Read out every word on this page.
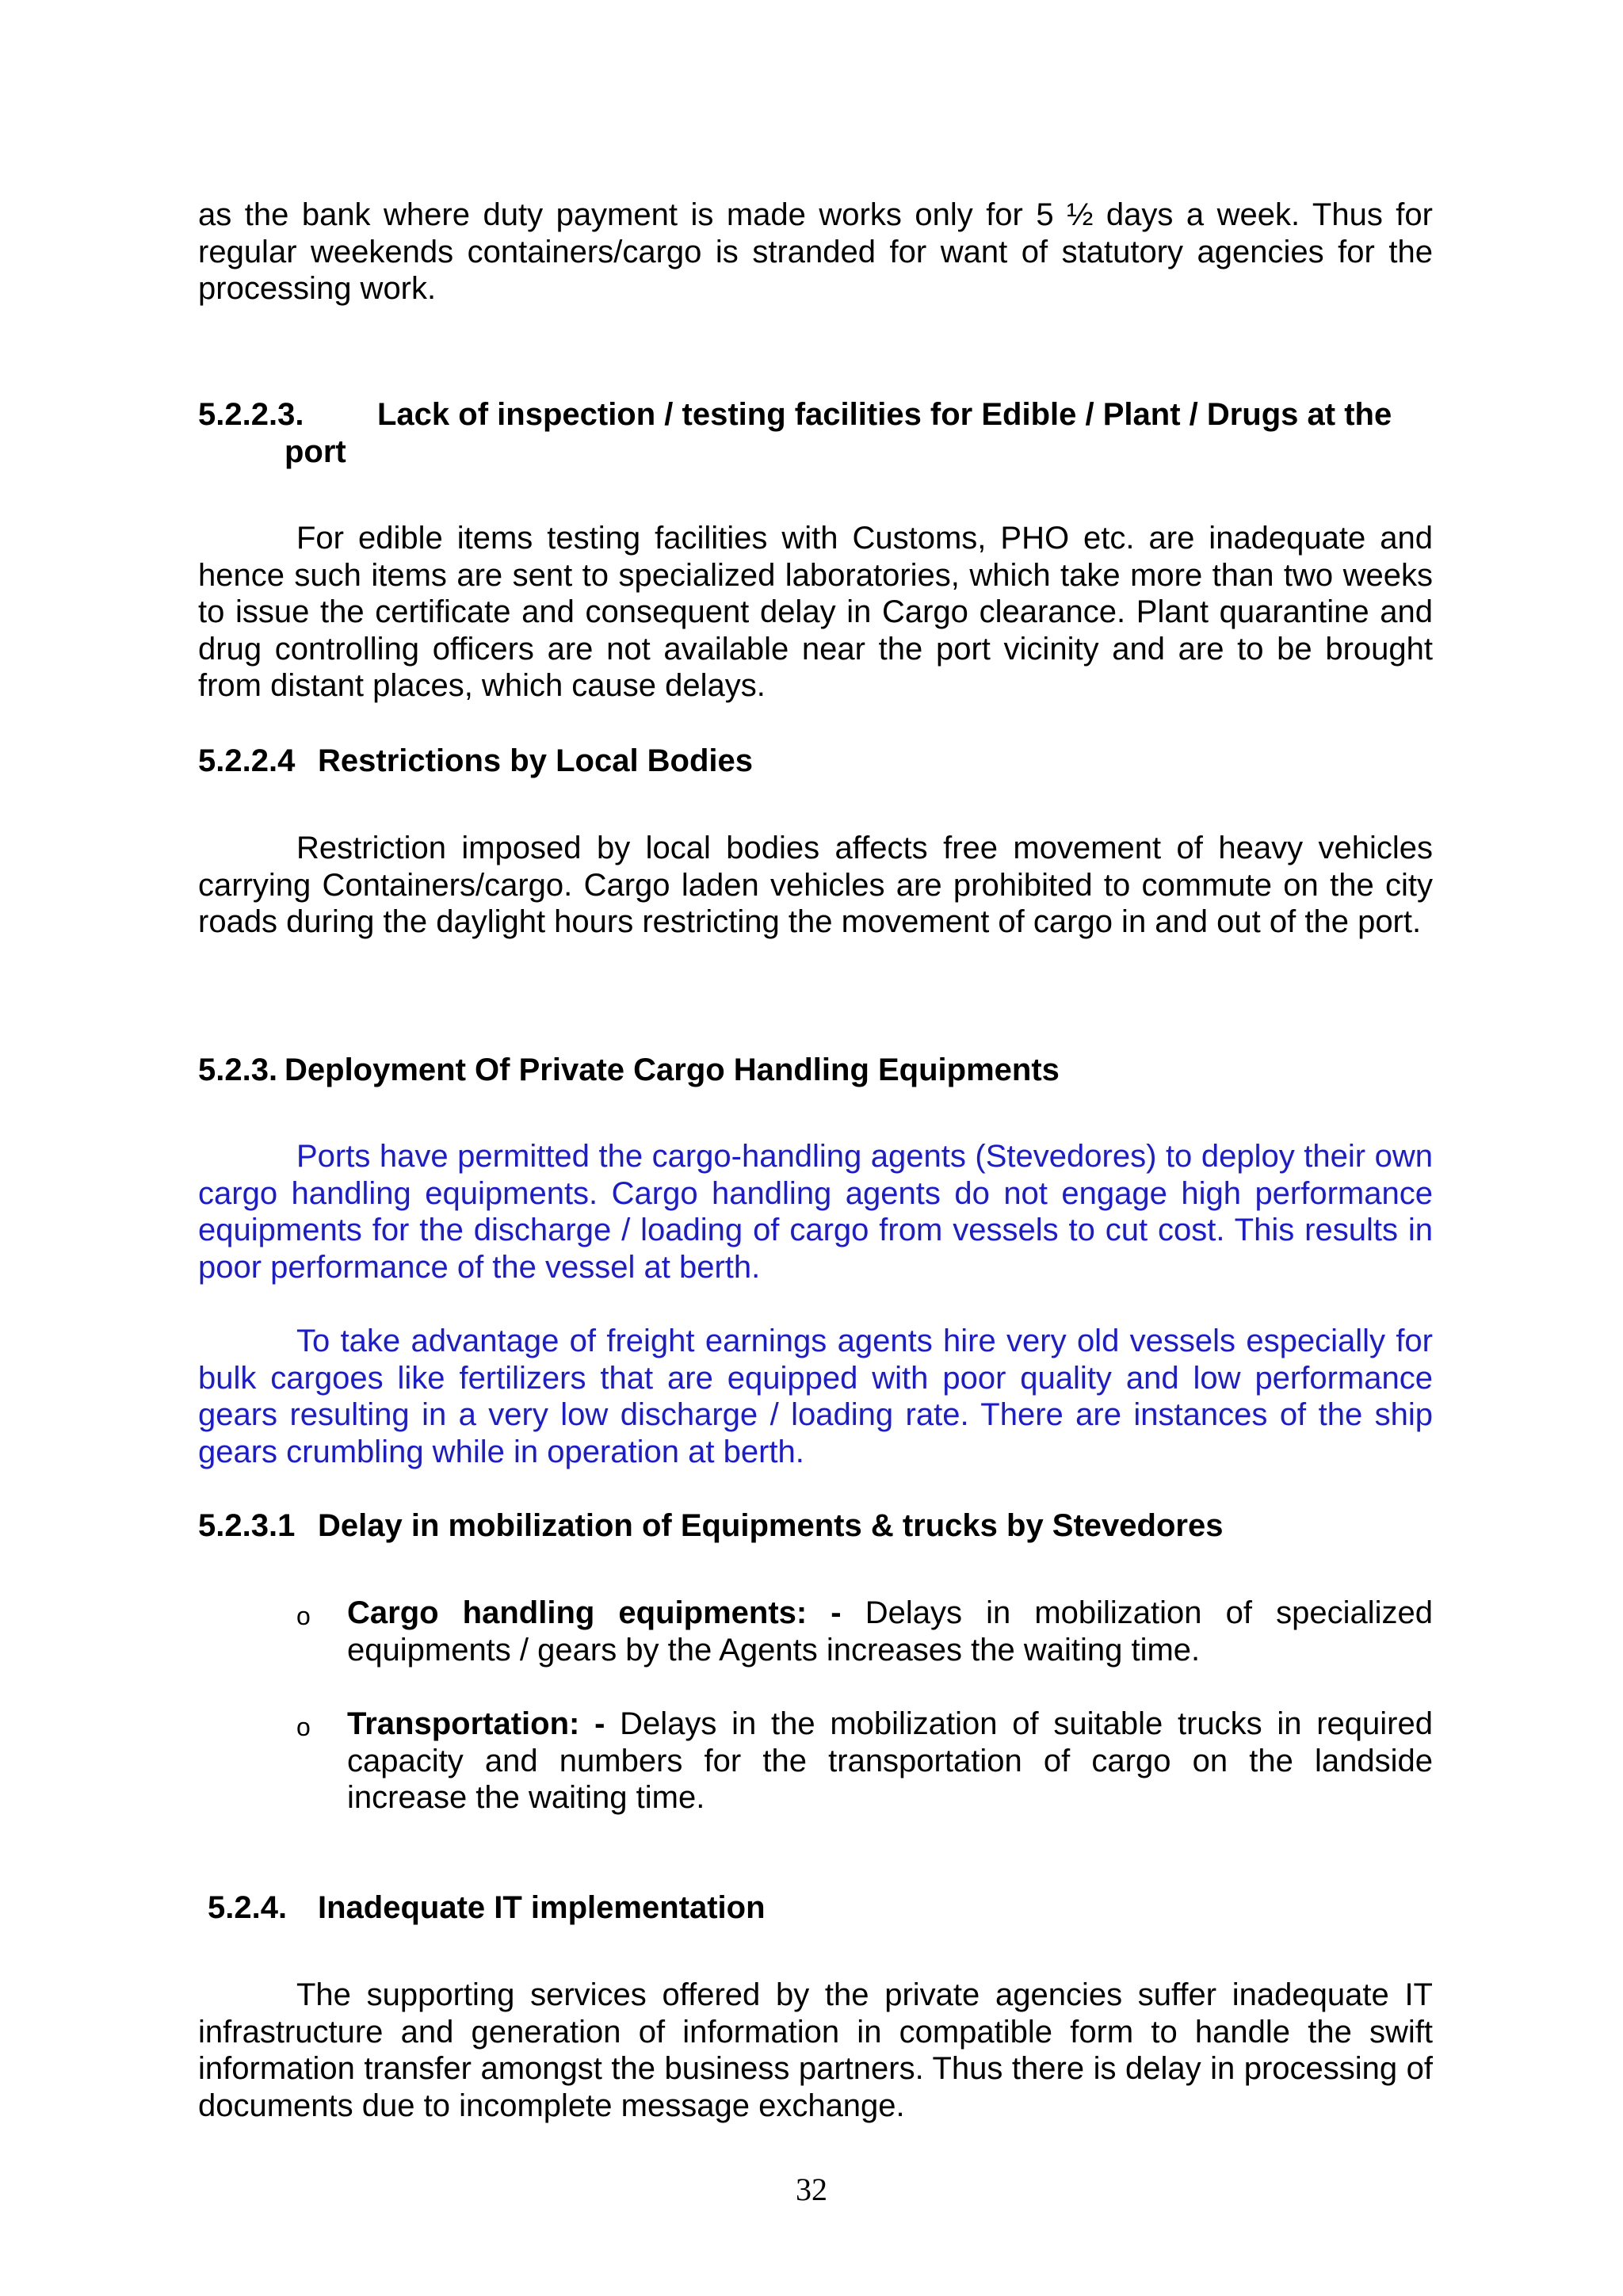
as the bank where duty payment is made works only for 5 ½ days a week. Thus for regular weekends containers/cargo is stranded for want of statutory agencies for the processing work.

5.2.2.3. Lack of inspection / testing facilities for Edible / Plant / Drugs at the
port

For edible items testing facilities with Customs, PHO etc. are inadequate and hence such items are sent to specialized laboratories, which take more than two weeks to issue the certificate and consequent delay in Cargo clearance. Plant quarantine and drug controlling officers are not available near the port vicinity and are to be brought from distant places, which cause delays.

5.2.2.4 Restrictions by Local Bodies

Restriction imposed by local bodies affects free movement of heavy vehicles carrying Containers/cargo. Cargo laden vehicles are prohibited to commute on the city roads during the daylight hours restricting the movement of cargo in and out of the port.

5.2.3. Deployment Of Private Cargo Handling Equipments

Ports have permitted the cargo-handling agents (Stevedores) to deploy their own cargo handling equipments. Cargo handling agents do not engage high performance equipments for the discharge / loading of cargo from vessels to cut cost. This results in poor performance of the vessel at berth.

To take advantage of freight earnings agents hire very old vessels especially for bulk cargoes like fertilizers that are equipped with poor quality and low performance gears resulting in a very low discharge / loading rate. There are instances of the ship gears crumbling while in operation at berth.

5.2.3.1 Delay in mobilization of Equipments & trucks by Stevedores
o Cargo handling equipments: - Delays in mobilization of specialized equipments / gears by the Agents increases the waiting time.

o Transportation: - Delays in the mobilization of suitable trucks in required capacity and numbers for the transportation of cargo on the landside increase the waiting time.

5.2.4. Inadequate IT implementation

The supporting services offered by the private agencies suffer inadequate IT infrastructure and generation of information in compatible form to handle the swift information transfer amongst the business partners. Thus there is delay in processing of documents due to incomplete message exchange.

32
